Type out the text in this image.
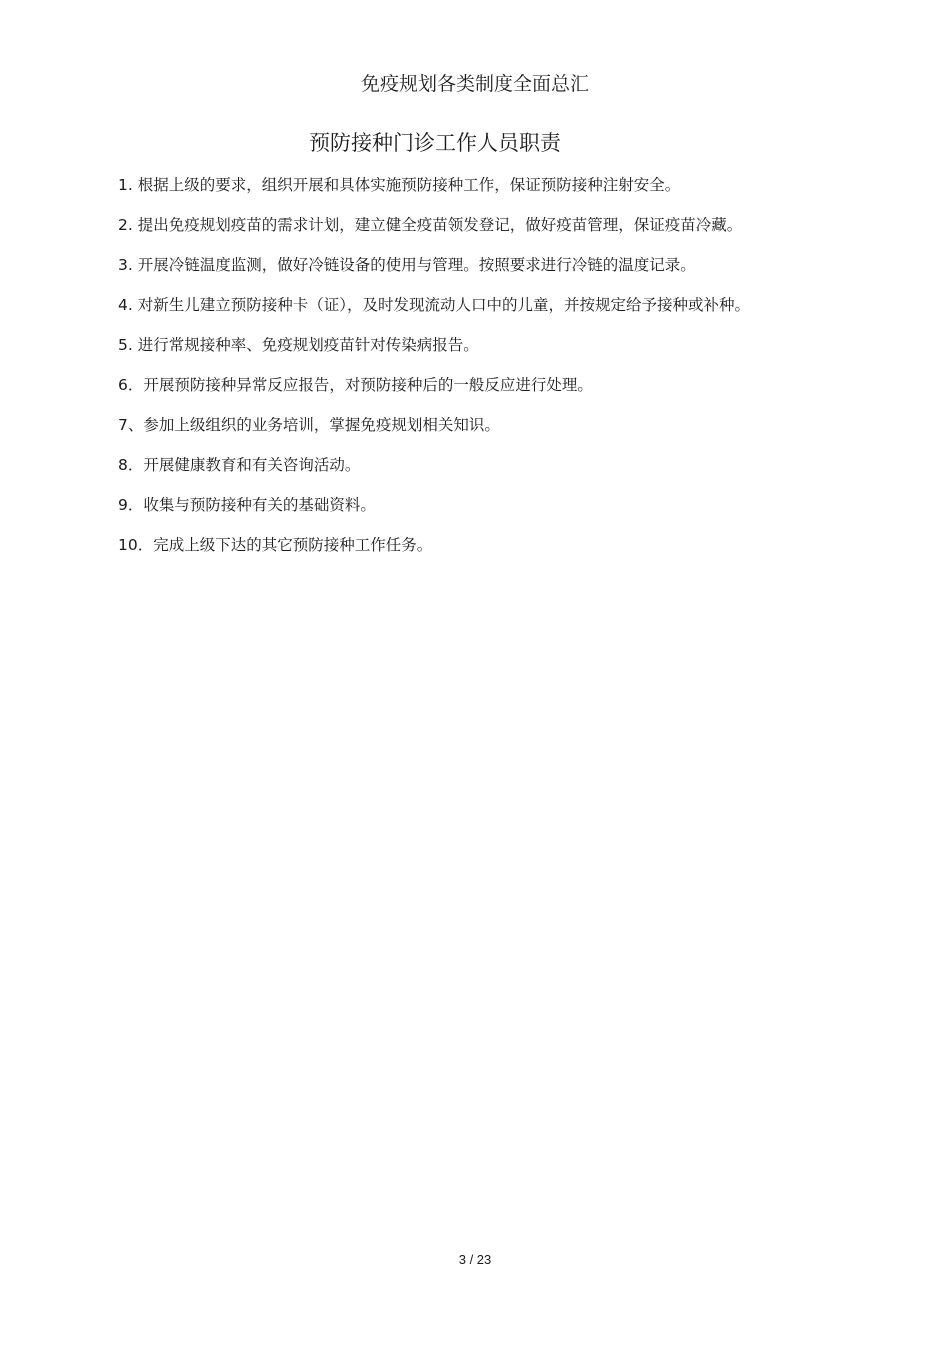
免疫规划各类制度全面总汇
预防接种门诊工作人员职责
1. 根据上级的要求，组织开展和具体实施预防接种工作，保证预防接种注射安全。
2. 提出免疫规划疫苗的需求计划，建立健全疫苗领发登记，做好疫苗管理，保证疫苗冷藏。
3. 开展冷链温度监测，做好冷链设备的使用与管理。按照要求进行冷链的温度记录。
4. 对新生儿建立预防接种卡（证），及时发现流动人口中的儿童，并按规定给予接种或补种。
5. 进行常规接种率、免疫规划疫苗针对传染病报告。
6．开展预防接种异常反应报告，对预防接种后的一般反应进行处理。
7、参加上级组织的业务培训，掌握免疫规划相关知识。
8．开展健康教育和有关咨询活动。
9．收集与预防接种有关的基础资料。
10．完成上级下达的其它预防接种工作任务。
3 / 23
